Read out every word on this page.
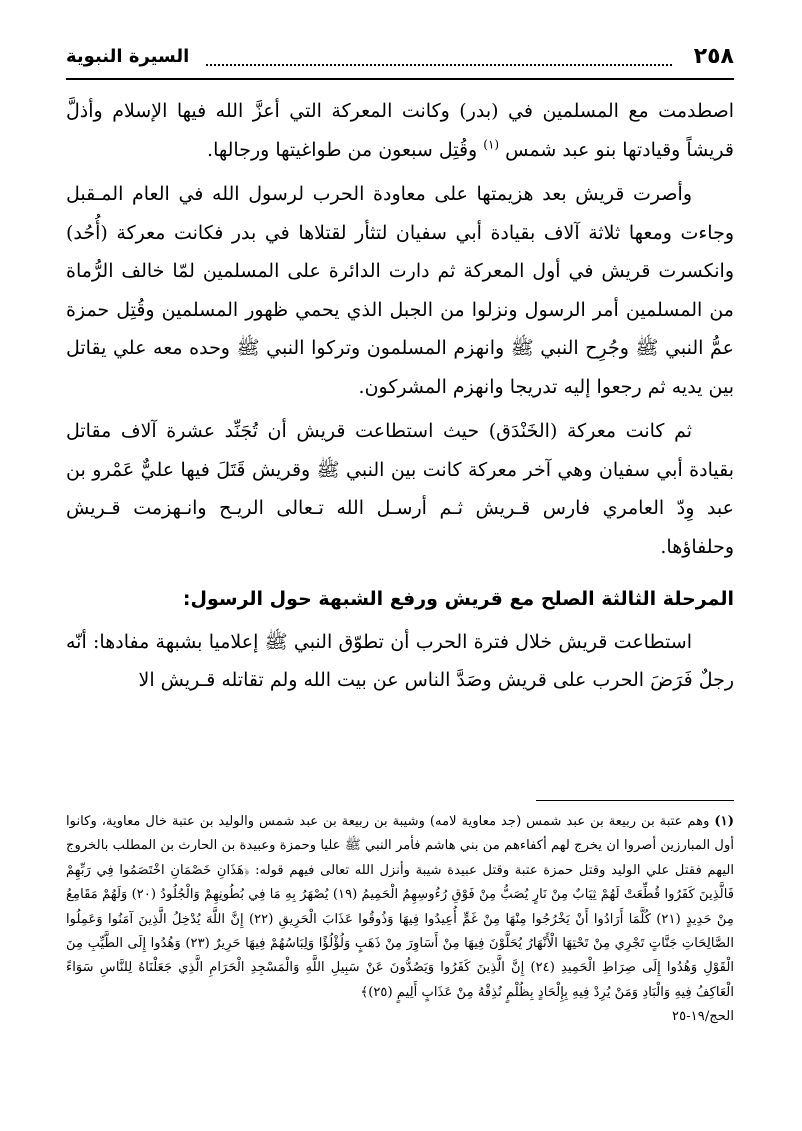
٢٥٨
السيرة النبوية

اصطدمت مع المسلمين في (بدر) وكانت المعركة التي أعزَّ الله فيها الإسلام وأذلَّ قريشاً وقيادتها بنو عبد شمس $^{(١)}$ وقُتِل سبعون من طواغيتها ورجالها.

وأصرت قريش بعد هزيمتها على معاودة الحرب لرسول الله في العام المـقبل وجاءت ومعها ثلاثة آلاف بقيادة أبي سفيان لتثأر لقتلاها في بدر فكانت معركة (أُحُد) وانكسرت قريش في أول المعركة ثم دارت الدائرة على المسلمين لمّا خالف الرُّماة من المسلمين أمر الرسول ونزلوا من الجبل الذي يحمي ظهور المسلمين وقُتِل حمزة عمُّ النبي ﷺ وجُرِح النبي ﷺ وانهزم المسلمون وتركوا النبي ﷺ وحده معه علي يقاتل بين يديه ثم رجعوا إليه تدريجا وانهزم المشركون.

ثم كانت معركة (الخَنْدَق) حيث استطاعت قريش أن تُجَنِّد عشرة آلاف مقاتل بقيادة أبي سفيان وهي آخر معركة كانت بين النبي ﷺ وقريش قَتَلَ فيها عليٌّ عَمْرو بن عبد وِدّ العامري فارس قـريش ثـم أرسـل الله تـعالى الريـح وانـهزمت قـريش وحلفاؤها.

المرحلة الثالثة الصلح مع قريش ورفع الشبهة حول الرسول:

استطاعت قريش خلال فترة الحرب أن تطوّق النبي ﷺ إعلاميا بشبهة مفادها: أنّه رجلٌ فَرَضَ الحرب على قريش وصَدَّ الناس عن بيت الله ولم تقاتله قـريش الا

(١) وهم عتبة بن ربيعة بن عبد شمس (جد معاوية لامه) وشيبة بن ربيعة بن عبد شمس والوليد بن عتبة خال معاوية، وكانوا أول المبارزين أصروا ان يخرج لهم أكفاءهم من بني هاشم فأمر النبي ﷺ عليا وحمزة وعبيدة بن الحارث بن المطلب بالخروج اليهم فقتل علي الوليد وقتل حمزة عتبة وقتل عبيدة شيبة وأنزل الله تعالى فيهم قوله: ﴿هَذَانِ خَصْمَانِ اخْتَصَمُوا فِي رَبِّهِمْ فَالَّذِينَ كَفَرُوا قُطِّعَتْ لَهُمْ ثِيَابٌ مِنْ نَارٍ يُصَبُّ مِنْ فَوْقِ رُءُوسِهِمُ الْحَمِيمُ (١٩) يُصْهَرُ بِهِ مَا فِي بُطُونِهِمْ وَالْجُلُودُ (٢٠) وَلَهُمْ مَقَامِعُ مِنْ حَدِيدٍ (٢١) كُلَّمَا أَرَادُوا أَنْ يَخْرُجُوا مِنْهَا مِنْ غَمٍّ أُعِيدُوا فِيهَا وَذُوقُوا عَذَابَ الْحَرِيقِ (٢٢) إِنَّ اللَّهَ يُدْخِلُ الَّذِينَ آمَنُوا وَعَمِلُوا الصَّالِحَاتِ جَنَّاتٍ تَجْرِي مِنْ تَحْتِهَا الْأَنْهَارُ يُحَلَّوْنَ فِيهَا مِنْ أَسَاوِرَ مِنْ ذَهَبٍ وَلُؤْلُؤًا وَلِبَاسُهُمْ فِيهَا حَرِيرٌ (٢٣) وَهُدُوا إِلَى الطَّيِّبِ مِنَ الْقَوْلِ وَهُدُوا إِلَى صِرَاطِ الْحَمِيدِ (٢٤) إِنَّ الَّذِينَ كَفَرُوا وَيَصُدُّونَ عَنْ سَبِيلِ اللَّهِ وَالْمَسْجِدِ الْحَرَامِ الَّذِي جَعَلْنَاهُ لِلنَّاسِ سَوَاءً الْعَاكِفُ فِيهِ وَالْبَادِ وَمَنْ يُرِدْ فِيهِ بِإِلْحَادٍ بِظُلْمٍ نُذِقْهُ مِنْ عَذَابٍ أَلِيمٍ (٢٥)﴾
الحج/١٩-٢٥
